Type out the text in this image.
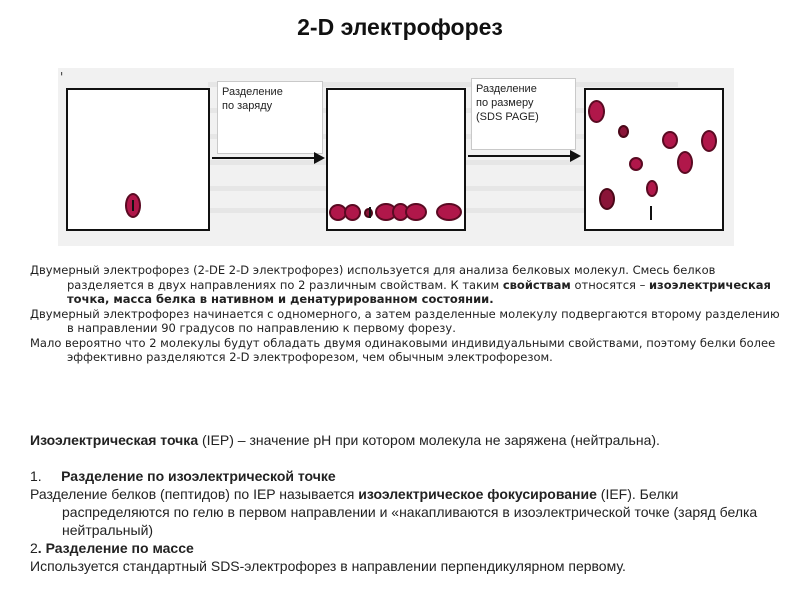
2-D электрофорез
'
Разделение
по заряду
Разделение
по размеру
(SDS PAGE)

Двумерный электрофорез (2-DE 2-D электрофорез) используется для анализа белковых молекул. Смесь белков разделяется в двух направлениях по 2 различным свойствам. К таким свойствам относятся – изоэлектрическая точка, масса белка в нативном и денатурированном состоянии.

Двумерный электрофорез начинается с одномерного, а затем разделенные молекулу подвергаются второму разделению в направлении 90 градусов по направлению к первому форезу.

Мало вероятно что 2 молекулы будут обладать двумя одинаковыми индивидуальными свойствами, поэтому белки более эффективно разделяются 2-D электрофорезом, чем обычным электрофорезом.

Изоэлектрическая точка (IEP) – значение рН при котором молекула не заряжена (нейтральна).

1. Разделение по изоэлектрической точке

Разделение белков (пептидов) по IEP называется изоэлектрическое фокусирование (IEF). Белки распределяются по гелю в первом направлении и «накапливаются в изоэлектрической точке (заряд белка нейтральный)

2. Разделение по массе

Используется стандартный SDS-электрофорез в направлении перпендикулярном первому.
